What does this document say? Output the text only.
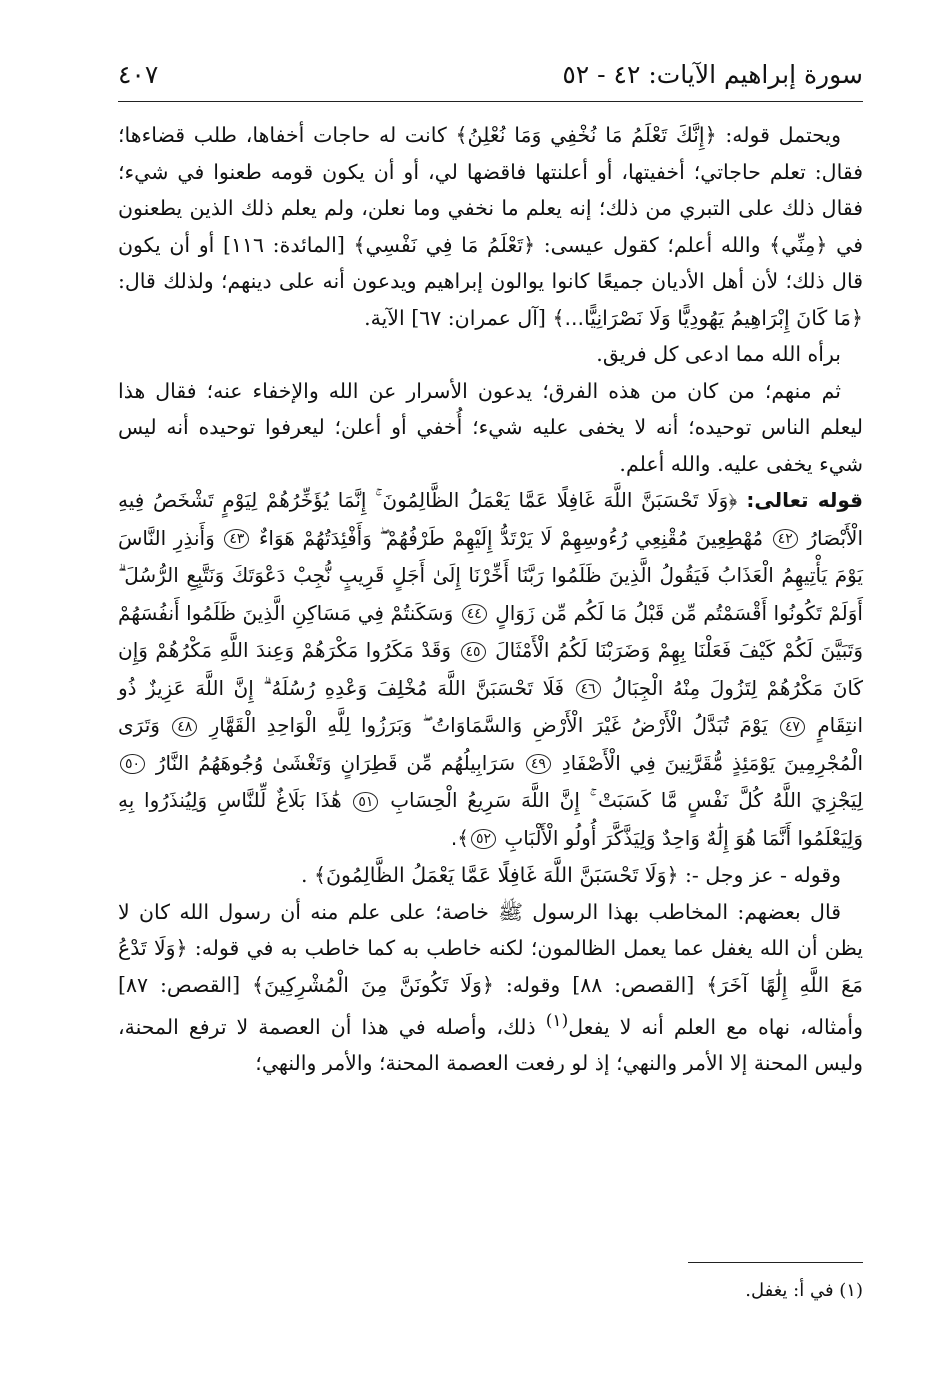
سورة إبراهيم الآيات: ٤٢ - ٥٢
٤٠٧

ويحتمل قوله: ﴿إِنَّكَ تَعْلَمُ مَا نُخْفِي وَمَا نُعْلِنُ﴾ كانت له حاجات أخفاها، طلب قضاءها؛ فقال: تعلم حاجاتي؛ أخفيتها، أو أعلنتها فاقضها لي، أو أن يكون قومه طعنوا في شيء؛ فقال ذلك على التبري من ذلك؛ إنه يعلم ما نخفي وما نعلن، ولم يعلم ذلك الذين يطعنون في ﴿مِنِّي﴾ والله أعلم؛ كقول عيسى: ﴿تَعْلَمُ مَا فِي نَفْسِي﴾ [المائدة: ١١٦] أو أن يكون قال ذلك؛ لأن أهل الأديان جميعًا كانوا يوالون إبراهيم ويدعون أنه على دينهم؛ ولذلك قال: ﴿مَا كَانَ إِبْرَاهِيمُ يَهُودِيًّا وَلَا نَصْرَانِيًّا...﴾ [آل عمران: ٦٧] الآية.

برأه الله مما ادعى كل فريق.

ثم منهم؛ من كان من هذه الفرق؛ يدعون الأسرار عن الله والإخفاء عنه؛ فقال هذا ليعلم الناس توحيده؛ أنه لا يخفى عليه شيء؛ أُخفي أو أعلن؛ ليعرفوا توحيده أنه ليس شيء يخفى عليه. والله أعلم.

قوله تعالى: ﴿وَلَا تَحْسَبَنَّ اللَّهَ غَافِلًا عَمَّا يَعْمَلُ الظَّالِمُونَ ۚ إِنَّمَا يُؤَخِّرُهُمْ لِيَوْمٍ تَشْخَصُ فِيهِ الْأَبْصَارُ ٤٢ مُهْطِعِينَ مُقْنِعِي رُءُوسِهِمْ لَا يَرْتَدُّ إِلَيْهِمْ طَرْفُهُمْ ۖ وَأَفْئِدَتُهُمْ هَوَاءٌ ٤٣ وَأَنذِرِ النَّاسَ يَوْمَ يَأْتِيهِمُ الْعَذَابُ فَيَقُولُ الَّذِينَ ظَلَمُوا رَبَّنَا أَخِّرْنَا إِلَىٰ أَجَلٍ قَرِيبٍ نُّجِبْ دَعْوَتَكَ وَنَتَّبِعِ الرُّسُلَ ۗ أَوَلَمْ تَكُونُوا أَقْسَمْتُم مِّن قَبْلُ مَا لَكُم مِّن زَوَالٍ ٤٤ وَسَكَنتُمْ فِي مَسَاكِنِ الَّذِينَ ظَلَمُوا أَنفُسَهُمْ وَتَبَيَّنَ لَكُمْ كَيْفَ فَعَلْنَا بِهِمْ وَضَرَبْنَا لَكُمُ الْأَمْثَالَ ٤٥ وَقَدْ مَكَرُوا مَكْرَهُمْ وَعِندَ اللَّهِ مَكْرُهُمْ وَإِن كَانَ مَكْرُهُمْ لِتَزُولَ مِنْهُ الْجِبَالُ ٤٦ فَلَا تَحْسَبَنَّ اللَّهَ مُخْلِفَ وَعْدِهِ رُسُلَهُ ۗ إِنَّ اللَّهَ عَزِيزٌ ذُو انتِقَامٍ ٤٧ يَوْمَ تُبَدَّلُ الْأَرْضُ غَيْرَ الْأَرْضِ وَالسَّمَاوَاتُ ۖ وَبَرَزُوا لِلَّهِ الْوَاحِدِ الْقَهَّارِ ٤٨ وَتَرَى الْمُجْرِمِينَ يَوْمَئِذٍ مُّقَرَّنِينَ فِي الْأَصْفَادِ ٤٩ سَرَابِيلُهُم مِّن قَطِرَانٍ وَتَغْشَىٰ وُجُوهَهُمُ النَّارُ ٥٠ لِيَجْزِيَ اللَّهُ كُلَّ نَفْسٍ مَّا كَسَبَتْ ۚ إِنَّ اللَّهَ سَرِيعُ الْحِسَابِ ٥١ هَٰذَا بَلَاغٌ لِّلنَّاسِ وَلِيُنذَرُوا بِهِ وَلِيَعْلَمُوا أَنَّمَا هُوَ إِلَٰهٌ وَاحِدٌ وَلِيَذَّكَّرَ أُولُو الْأَلْبَابِ ٥٢﴾.

وقوله - عز وجل -: ﴿وَلَا تَحْسَبَنَّ اللَّهَ غَافِلًا عَمَّا يَعْمَلُ الظَّالِمُونَ﴾ .

قال بعضهم: المخاطب بهذا الرسول ﷺ خاصة؛ على علم منه أن رسول الله كان لا يظن أن الله يغفل عما يعمل الظالمون؛ لكنه خاطب به كما خاطب به في قوله: ﴿وَلَا تَدْعُ مَعَ اللَّهِ إِلَٰهًا آخَرَ﴾ [القصص: ٨٨] وقوله: ﴿وَلَا تَكُونَنَّ مِنَ الْمُشْرِكِينَ﴾ [القصص: ٨٧] وأمثاله، نهاه مع العلم أنه لا يفعل$^{(١)}$ ذلك، وأصله في هذا أن العصمة لا ترفع المحنة، وليس المحنة إلا الأمر والنهي؛ إذ لو رفعت العصمة المحنة؛ والأمر والنهي؛

(١) في أ: يغفل.
